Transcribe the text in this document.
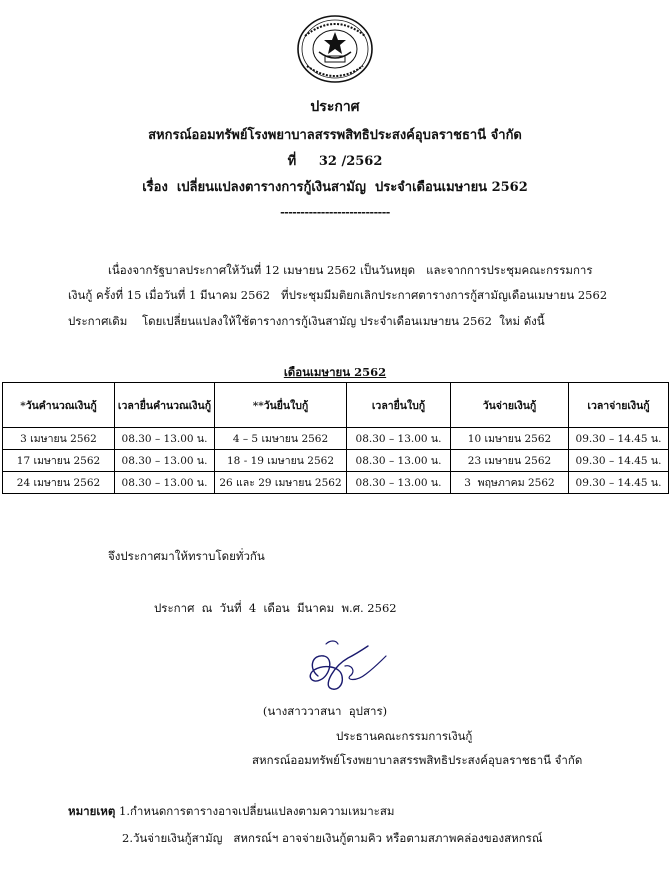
ประกาศ
สหกรณ์ออมทรัพย์โรงพยาบาลสรรพสิทธิประสงค์อุบลราชธานี จำกัด
ที่     32 /2562
เรื่อง  เปลี่ยนแปลงตารางการกู้เงินสามัญ  ประจำเดือนเมษายน 2562
---------------------------
เนื่องจากรัฐบาลประกาศให้วันที่ 12 เมษายน 2562 เป็นวันหยุด   และจากการประชุมคณะกรรมการ
เงินกู้ ครั้งที่ 15 เมื่อวันที่ 1 มีนาคม 2562   ที่ประชุมมีมติยกเลิกประกาศตารางการกู้สามัญเดือนเมษายน 2562
ประกาศเดิม    โดยเปลี่ยนแปลงให้ใช้ตารางการกู้เงินสามัญ ประจำเดือนเมษายน 2562  ใหม่ ดังนี้
เดือนเมษายน 2562
*วันคำนวณเงินกู้	เวลายื่นคำนวณเงินกู้	**วันยื่นใบกู้	เวลายื่นใบกู้	วันจ่ายเงินกู้	เวลาจ่ายเงินกู้
3 เมษายน 2562	08.30 – 13.00 น.	4 – 5 เมษายน 2562	08.30 – 13.00 น.	10 เมษายน 2562	09.30 – 14.45 น.
17 เมษายน 2562	08.30 – 13.00 น.	18 - 19 เมษายน 2562	08.30 – 13.00 น.	23 เมษายน 2562	09.30 – 14.45 น.
24 เมษายน 2562	08.30 – 13.00 น.	26 และ 29 เมษายน 2562	08.30 – 13.00 น.	3  พฤษภาคม 2562	09.30 – 14.45 น.
จึงประกาศมาให้ทราบโดยทั่วกัน
ประกาศ  ณ  วันที่  4  เดือน  มีนาคม  พ.ศ. 2562
(นางสาววาสนา  อุปสาร)
ประธานคณะกรรมการเงินกู้
สหกรณ์ออมทรัพย์โรงพยาบาลสรรพสิทธิประสงค์อุบลราชธานี จำกัด
หมายเหตุ 1.กำหนดการตารางอาจเปลี่ยนแปลงตามความเหมาะสม
2.วันจ่ายเงินกู้สามัญ   สหกรณ์ฯ อาจจ่ายเงินกู้ตามคิว หรือตามสภาพคล่องของสหกรณ์
